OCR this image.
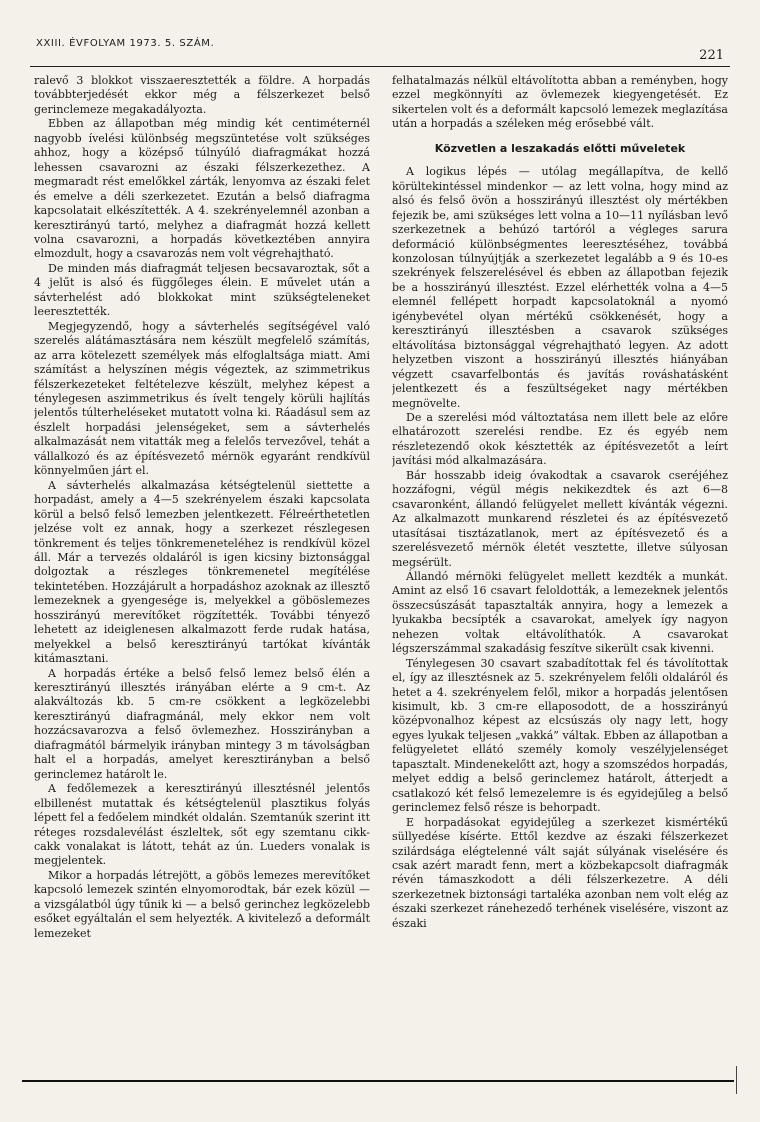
XXIII. ÉVFOLYAM 1973. 5. SZÁM.
221

ralevő 3 blokkot visszaeresztették a földre. A horpadás továbbterjedését ekkor még a félszerkezet belső gerinclemeze megakadályozta.

Ebben az állapotban még mindig két centiméternél nagyobb ívelési különbség megszüntetése volt szükséges ahhoz, hogy a középső túlnyúló diafragmákat hozzá lehessen csavarozni az északi félszerkezethez. A megmaradt rést emelőkkel zárták, lenyomva az északi felet és emelve a déli szerkezetet. Ezután a belső diafragma kapcsolatait elkészítették. A 4. szekrényelemnél azonban a keresztirányú tartó, melyhez a diafragmát hozzá kellett volna csavarozni, a horpadás következtében annyira elmozdult, hogy a csavarozás nem volt végrehajtható.

De minden más diafragmát teljesen becsavaroztak, sőt a 4 jelűt is alsó és függőleges élein. E művelet után a sávterhelést adó blokkokat mint szükségteleneket leeresztették.

Megjegyzendő, hogy a sávterhelés segítségével való szerelés alátámasztására nem készült megfelelő számítás, az arra kötelezett személyek más elfoglaltsága miatt. Ami számítást a helyszínen mégis végeztek, az szimmetrikus félszerkezeteket feltételezve készült, melyhez képest a ténylegesen aszimmetrikus és ívelt tengely körüli hajlítás jelentős túlterheléseket mutatott volna ki. Ráadásul sem az észlelt horpadási jelenségeket, sem a sávterhelés alkalmazását nem vitatták meg a felelős tervezővel, tehát a vállalkozó és az építésvezető mérnök egyaránt rendkívül könnyelműen járt el.

A sávterhelés alkalmazása kétségtelenül siettette a horpadást, amely a 4—5 szekrényelem északi kapcsolata körül a belső felső lemezben jelentkezett. Félreérthetetlen jelzése volt ez annak, hogy a szerkezet részlegesen tönkrement és teljes tönkremeneteléhez is rendkívül közel áll. Már a tervezés oldaláról is igen kicsiny biztonsággal dolgoztak a részleges tönkremenetel megítélése tekintetében. Hozzájárult a horpadáshoz azoknak az illesztő lemezeknek a gyengesége is, melyekkel a göböslemezes hosszirányú merevítőket rögzítették. További tényező lehetett az ideiglenesen alkalmazott ferde rudak hatása, melyekkel a belső keresztirányú tartókat kívánták kitámasztani.

A horpadás értéke a belső felső lemez belső élén a keresztirányú illesztés irányában elérte a 9 cm-t. Az alakváltozás kb. 5 cm-re csökkent a legközelebbi keresztirányú diafragmánál, mely ekkor nem volt hozzácsavarozva a felső övlemezhez. Hosszirányban a diafragmától bármelyik irányban mintegy 3 m távolságban halt el a horpadás, amelyet keresztirányban a belső gerinclemez határolt le.

A fedőlemezek a keresztirányú illesztésnél jelentős elbillenést mutattak és kétségtelenül plasztikus folyás lépett fel a fedőelem mindkét oldalán. Szemtanúk szerint itt réteges rozsdalevélást észleltek, sőt egy szemtanu cikk-cakk vonalakat is látott, tehát az ún. Lueders vonalak is megjelentek.

Mikor a horpadás létrejött, a göbös lemezes merevítőket kapcsoló lemezek szintén elnyomorodtak, bár ezek közül — a vizsgálatból úgy tűnik ki — a belső gerinchez legközelebb esőket egyáltalán el sem helyezték. A kivitelező a deformált lemezeket

felhatalmazás nélkül eltávolította abban a reményben, hogy ezzel megkönnyíti az övlemezek kiegyengetését. Ez sikertelen volt és a deformált kapcsoló lemezek meglazítása után a horpadás a széleken még erősebbé vált.

Közvetlen a leszakadás előtti műveletek

A logikus lépés — utólag megállapítva, de kellő körültekintéssel mindenkor — az lett volna, hogy mind az alsó és felső övön a hosszirányú illesztést oly mértékben fejezik be, ami szükséges lett volna a 10—11 nyílásban levő szerkezetnek a behúzó tartóról a végleges sarura deformáció különbségmentes leeresztéséhez, továbbá konzolosan túlnyújtják a szerkezetet legalább a 9 és 10-es szekrények felszerelésével és ebben az állapotban fejezik be a hosszirányú illesztést. Ezzel elérhették volna a 4—5 elemnél fellépett horpadt kapcsolatoknál a nyomó igénybevétel olyan mértékű csökkenését, hogy a keresztirányú illesztésben a csavarok szükséges eltávolítása biztonsággal végrehajtható legyen. Az adott helyzetben viszont a hosszirányú illesztés hiányában végzett csavarfelbontás és javítás rováshatásként jelentkezett és a feszültségeket nagy mértékben megnövelte.

De a szerelési mód változtatása nem illett bele az előre elhatározott szerelési rendbe. Ez és egyéb nem részletezendő okok késztették az építésvezetőt a leírt javítási mód alkalmazására.

Bár hosszabb ideig óvakodtak a csavarok cseréjéhez hozzáfogni, végül mégis nekikezdtek és azt 6—8 csavaronként, állandó felügyelet mellett kívánták végezni. Az alkalmazott munkarend részletei és az építésvezető utasításai tisztázatlanok, mert az építésvezető és a szerelésvezető mérnök életét vesztette, illetve súlyosan megsérült.

Állandó mérnöki felügyelet mellett kezdték a munkát. Amint az első 16 csavart feloldották, a lemezeknek jelentős összecsúszását tapasztalták annyira, hogy a lemezek a lyukakba becsípték a csavarokat, amelyek így nagyon nehezen voltak eltávolíthatók. A csavarokat légszerszámmal szakadásig feszítve sikerült csak kivenni.

Ténylegesen 30 csavart szabadítottak fel és távolítottak el, így az illesztésnek az 5. szekrényelem felőli oldaláról és hetet a 4. szekrényelem felől, mikor a horpadás jelentősen kisimult, kb. 3 cm-re ellaposodott, de a hosszirányú középvonalhoz képest az elcsúszás oly nagy lett, hogy egyes lyukak teljesen „vakká” váltak. Ebben az állapotban a felügyeletet ellátó személy komoly veszélyjelenséget tapasztalt. Mindenekelőtt azt, hogy a szomszédos horpadás, melyet eddig a belső gerinclemez határolt, átterjedt a csatlakozó két felső lemezelemre is és egyidejűleg a belső gerinclemez felső része is behorpadt.

E horpadásokat egyidejűleg a szerkezet kismértékű süllyedése kísérte. Ettől kezdve az északi félszerkezet szilárdsága elégtelenné vált saját súlyának viselésére és csak azért maradt fenn, mert a közbekapcsolt diafragmák révén támaszkodott a déli félszerkezetre. A déli szerkezetnek biztonsági tartaléka azonban nem volt elég az északi szerkezet ránehezedő terhének viselésére, viszont az északi
